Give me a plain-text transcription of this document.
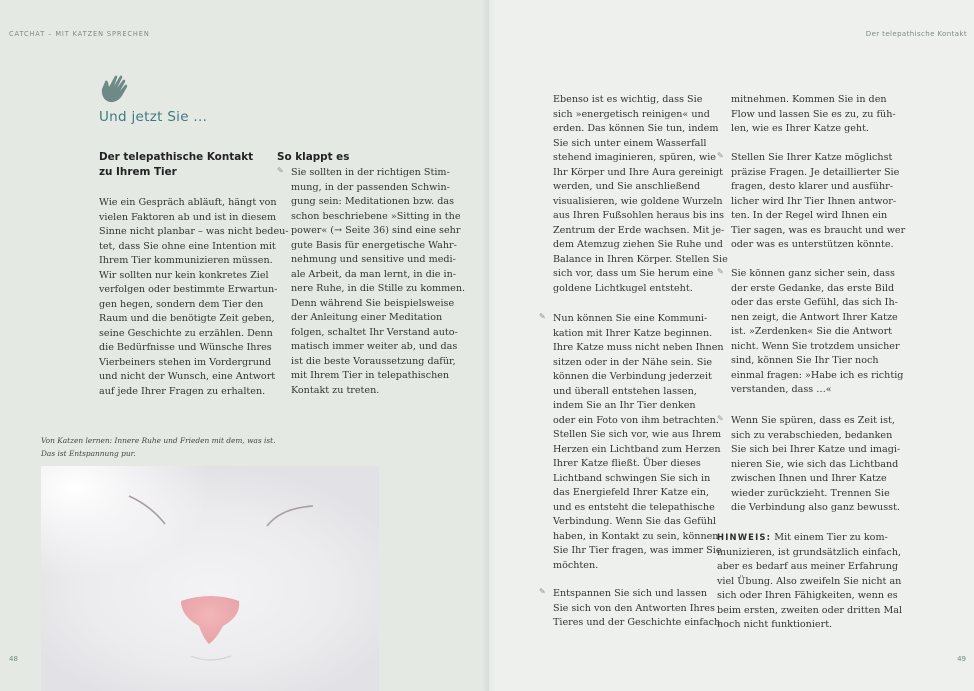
CATCHAT – MIT KATZEN SPRECHEN	Der telepathische Kontakt
48	49
Und jetzt Sie ...
Der telepathische Kontakt
zu Ihrem Tier
Wie ein Gespräch abläuft, hängt von
vielen Faktoren ab und ist in diesem
Sinne nicht planbar – was nicht bedeu-
tet, dass Sie ohne eine Intention mit
Ihrem Tier kommunizieren müssen.
Wir sollten nur kein konkretes Ziel
verfolgen oder bestimmte Erwartun-
gen hegen, sondern dem Tier den
Raum und die benötigte Zeit geben,
seine Geschichte zu erzählen. Denn
die Bedürfnisse und Wünsche Ihres
Vierbeiners stehen im Vordergrund
und nicht der Wunsch, eine Antwort
auf jede Ihrer Fragen zu erhalten.
So klappt es
✎ Sie sollten in der richtigen Stim-
mung, in der passenden Schwin-
gung sein: Meditationen bzw. das
schon beschriebene »Sitting in the
power« (→ Seite 36) sind eine sehr
gute Basis für energetische Wahr-
nehmung und sensitive und medi-
ale Arbeit, da man lernt, in die in-
nere Ruhe, in die Stille zu kommen.
Denn während Sie beispielsweise
der Anleitung einer Meditation
folgen, schaltet Ihr Verstand auto-
matisch immer weiter ab, und das
ist die beste Voraussetzung dafür,
mit Ihrem Tier in telepathischen
Kontakt zu treten.
Von Katzen lernen: Innere Ruhe und Frieden mit dem, was ist.
Das ist Entspannung pur.
Ebenso ist es wichtig, dass Sie
sich »energetisch reinigen« und
erden. Das können Sie tun, indem
Sie sich unter einem Wasserfall
stehend imaginieren, spüren, wie
Ihr Körper und Ihre Aura gereinigt
werden, und Sie anschließend
visualisieren, wie goldene Wurzeln
aus Ihren Fußsohlen heraus bis ins
Zentrum der Erde wachsen. Mit je-
dem Atemzug ziehen Sie Ruhe und
Balance in Ihren Körper. Stellen Sie
sich vor, dass um Sie herum eine
goldene Lichtkugel entsteht.
✎ Nun können Sie eine Kommuni-
kation mit Ihrer Katze beginnen.
Ihre Katze muss nicht neben Ihnen
sitzen oder in der Nähe sein. Sie
können die Verbindung jederzeit
und überall entstehen lassen,
indem Sie an Ihr Tier denken
oder ein Foto von ihm betrachten.
Stellen Sie sich vor, wie aus Ihrem
Herzen ein Lichtband zum Herzen
Ihrer Katze fließt. Über dieses
Lichtband schwingen Sie sich in
das Energiefeld Ihrer Katze ein,
und es entsteht die telepathische
Verbindung. Wenn Sie das Gefühl
haben, in Kontakt zu sein, können
Sie Ihr Tier fragen, was immer Sie
möchten.
✎ Entspannen Sie sich und lassen
Sie sich von den Antworten Ihres
Tieres und der Geschichte einfach
mitnehmen. Kommen Sie in den
Flow und lassen Sie es zu, zu füh-
len, wie es Ihrer Katze geht.
✎ Stellen Sie Ihrer Katze möglichst
präzise Fragen. Je detaillierter Sie
fragen, desto klarer und ausführ-
licher wird Ihr Tier Ihnen antwor-
ten. In der Regel wird Ihnen ein
Tier sagen, was es braucht und wer
oder was es unterstützen könnte.
✎ Sie können ganz sicher sein, dass
der erste Gedanke, das erste Bild
oder das erste Gefühl, das sich Ih-
nen zeigt, die Antwort Ihrer Katze
ist. »Zerdenken« Sie die Antwort
nicht. Wenn Sie trotzdem unsicher
sind, können Sie Ihr Tier noch
einmal fragen: »Habe ich es richtig
verstanden, dass …«
✎ Wenn Sie spüren, dass es Zeit ist,
sich zu verabschieden, bedanken
Sie sich bei Ihrer Katze und imagi-
nieren Sie, wie sich das Lichtband
zwischen Ihnen und Ihrer Katze
wieder zurückzieht. Trennen Sie
die Verbindung also ganz bewusst.
HINWEIS: Mit einem Tier zu kom-
munizieren, ist grundsätzlich einfach,
aber es bedarf aus meiner Erfahrung
viel Übung. Also zweifeln Sie nicht an
sich oder Ihren Fähigkeiten, wenn es
beim ersten, zweiten oder dritten Mal
noch nicht funktioniert.
